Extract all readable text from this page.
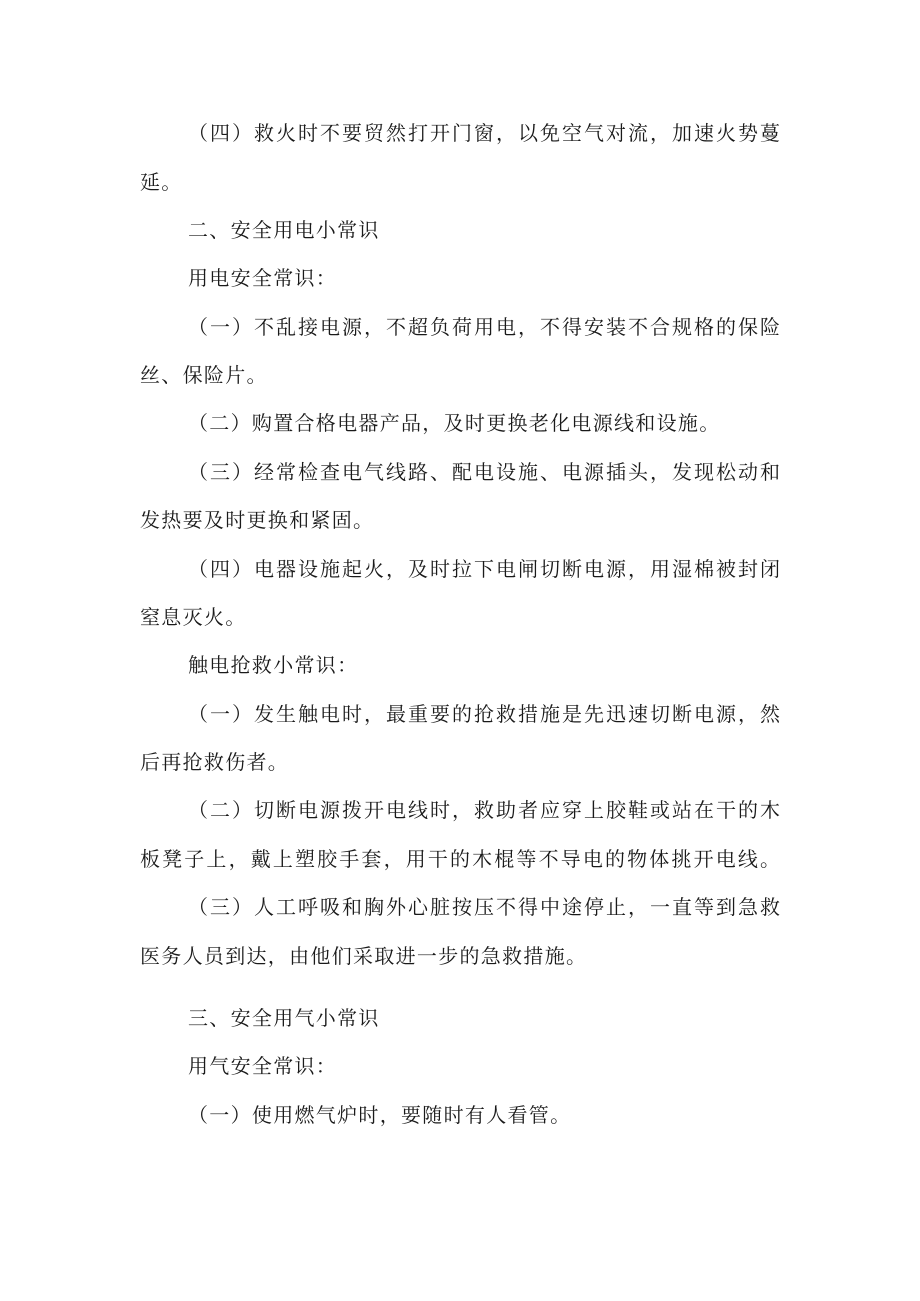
（四）救火时不要贸然打开门窗，以免空气对流，加速火势蔓
延。
二、安全用电小常识
用电安全常识：
（一）不乱接电源，不超负荷用电，不得安装不合规格的保险
丝、保险片。
（二）购置合格电器产品，及时更换老化电源线和设施。
（三）经常检查电气线路、配电设施、电源插头，发现松动和
发热要及时更换和紧固。
（四）电器设施起火，及时拉下电闸切断电源，用湿棉被封闭
窒息灭火。
触电抢救小常识：
（一）发生触电时，最重要的抢救措施是先迅速切断电源，然
后再抢救伤者。
（二）切断电源拨开电线时，救助者应穿上胶鞋或站在干的木
板凳子上，戴上塑胶手套，用干的木棍等不导电的物体挑开电线。
（三）人工呼吸和胸外心脏按压不得中途停止，一直等到急救
医务人员到达，由他们采取进一步的急救措施。
三、安全用气小常识
用气安全常识：
（一）使用燃气炉时，要随时有人看管。
